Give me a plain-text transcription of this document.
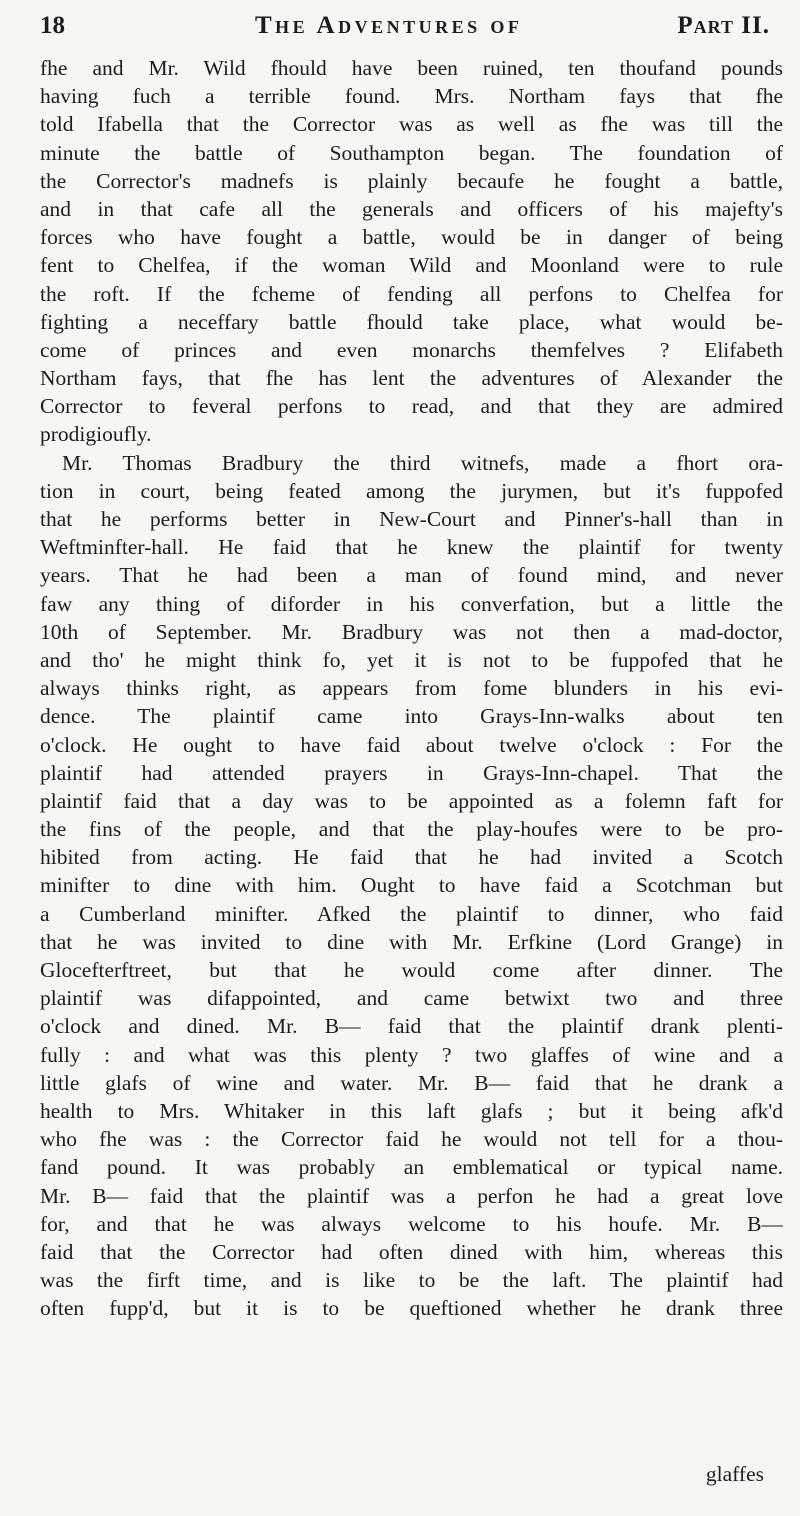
18	The Adventures of	Part II.
fhe and Mr. Wild fhould have been ruined, ten thoufand pounds
having fuch a terrible found. Mrs. Northam fays that fhe
told Ifabella that the Corrector was as well as fhe was till the
minute the battle of Southampton began. The foundation of
the Corrector's madnefs is plainly becaufe he fought a battle,
and in that cafe all the generals and officers of his majefty's
forces who have fought a battle, would be in danger of being
fent to Chelfea, if the woman Wild and Moonland were to rule
the roft. If the fcheme of fending all perfons to Chelfea for
fighting a neceffary battle fhould take place, what would be-
come of princes and even monarchs themfelves ? Elifabeth
Northam fays, that fhe has lent the adventures of Alexander the
Corrector to feveral perfons to read, and that they are admired
prodigioufly.
Mr. Thomas Bradbury the third witnefs, made a fhort ora-
tion in court, being feated among the jurymen, but it's fuppofed
that he performs better in New-Court and Pinner's-hall than in
Weftminfter-hall. He faid that he knew the plaintif for twenty
years. That he had been a man of found mind, and never
faw any thing of diforder in his converfation, but a little the
10th of September. Mr. Bradbury was not then a mad-doctor,
and tho' he might think fo, yet it is not to be fuppofed that he
always thinks right, as appears from fome blunders in his evi-
dence. The plaintif came into Grays-Inn-walks about ten
o'clock. He ought to have faid about twelve o'clock : For the
plaintif had attended prayers in Grays-Inn-chapel. That the
plaintif faid that a day was to be appointed as a folemn faft for
the fins of the people, and that the play-houfes were to be pro-
hibited from acting. He faid that he had invited a Scotch
minifter to dine with him. Ought to have faid a Scotchman but
a Cumberland minifter. Afked the plaintif to dinner, who faid
that he was invited to dine with Mr. Erfkine (Lord Grange) in
Glocefterftreet, but that he would come after dinner. The
plaintif was difappointed, and came betwixt two and three
o'clock and dined. Mr. B— faid that the plaintif drank plenti-
fully : and what was this plenty ? two glaffes of wine and a
little glafs of wine and water. Mr. B— faid that he drank a
health to Mrs. Whitaker in this laft glafs ; but it being afk'd
who fhe was : the Corrector faid he would not tell for a thou-
fand pound. It was probably an emblematical or typical name.
Mr. B— faid that the plaintif was a perfon he had a great love
for, and that he was always welcome to his houfe. Mr. B—
faid that the Corrector had often dined with him, whereas this
was the firft time, and is like to be the laft. The plaintif had
often fupp'd, but it is to be queftioned whether he drank three
glaffes
